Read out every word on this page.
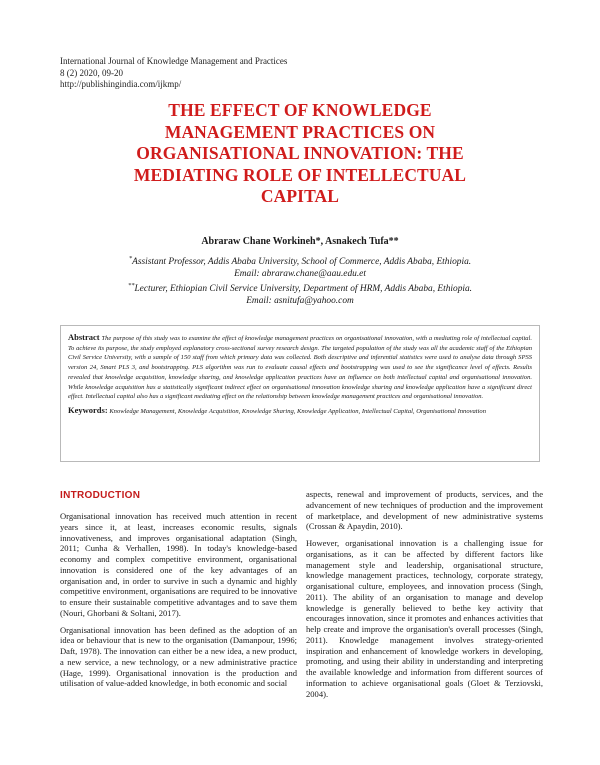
International Journal of Knowledge Management and Practices
8 (2) 2020, 09-20
http://publishingindia.com/ijkmp/
THE EFFECT OF KNOWLEDGE
MANAGEMENT PRACTICES ON
ORGANISATIONAL INNOVATION: THE
MEDIATING ROLE OF INTELLECTUAL
CAPITAL
Abraraw Chane Workineh*, Asnakech Tufa**
*Assistant Professor, Addis Ababa University, School of Commerce, Addis Ababa, Ethiopia.
Email: abraraw.chane@aau.edu.et
**Lecturer, Ethiopian Civil Service University, Department of HRM, Addis Ababa, Ethiopia.
Email: asnitufa@yahoo.com

Abstract The purpose of this study was to examine the effect of knowledge management practices on organisational innovation, with a mediating role of intellectual capital. To achieve its purpose, the study employed explanatory cross-sectional survey research design. The targeted population of the study was all the academic staff of the Ethiopian Civil Service University, with a sample of 150 staff from which primary data was collected. Both descriptive and inferential statistics were used to analyse data through SPSS version 24, Smart PLS 3, and bootstrapping. PLS algorithm was run to evaluate causal effects and bootstrapping was used to see the significance level of effects. Results revealed that knowledge acquisition, knowledge sharing, and knowledge application practices have an influence on both intellectual capital and organisational innovation. While knowledge acquisition has a statistically significant indirect effect on organisational innovation knowledge sharing and knowledge application have a significant direct effect. Intellectual capital also has a significant mediating effect on the relationship between knowledge management practices and organisational innovation.

Keywords: Knowledge Management, Knowledge Acquisition, Knowledge Sharing, Knowledge Application, Intellectual Capital, Organisational Innovation

INTRODUCTION

Organisational innovation has received much attention in recent years since it, at least, increases economic results, signals innovativeness, and improves organisational adaptation (Singh, 2011; Cunha & Verhallen, 1998). In today's knowledge-based economy and complex competitive environment, organisational innovation is considered one of the key advantages of an organisation and, in order to survive in such a dynamic and highly competitive environment, organisations are required to be innovative to ensure their sustainable competitive advantages and to save them (Nouri, Ghorbani & Soltani, 2017).

Organisational innovation has been defined as the adoption of an idea or behaviour that is new to the organisation (Damanpour, 1996; Daft, 1978). The innovation can either be a new idea, a new product, a new service, a new technology, or a new administrative practice (Hage, 1999). Organisational innovation is the production and utilisation of value-added knowledge, in both economic and social

aspects, renewal and improvement of products, services, and the advancement of new techniques of production and the improvement of marketplace, and development of new administrative systems (Crossan & Apaydin, 2010).

However, organisational innovation is a challenging issue for organisations, as it can be affected by different factors like management style and leadership, organisational structure, knowledge management practices, technology, corporate strategy, organisational culture, employees, and innovation process (Singh, 2011). The ability of an organisation to manage and develop knowledge is generally believed to bethe key activity that encourages innovation, since it promotes and enhances activities that help create and improve the organisation's overall processes (Singh, 2011). Knowledge management involves strategy-oriented inspiration and enhancement of knowledge workers in developing, promoting, and using their ability in understanding and interpreting the available knowledge and information from different sources of information to achieve organisational goals (Gloet & Terziovski, 2004).
